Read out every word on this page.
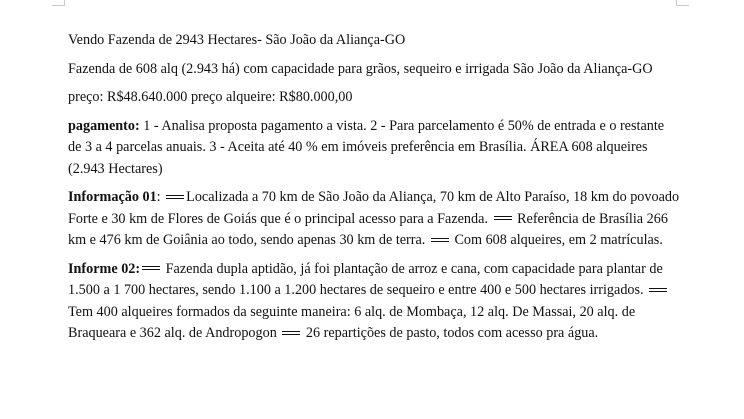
Vendo Fazenda de 2943 Hectares- São João da Aliança-GO

Fazenda de 608 alq (2.943 há) com capacidade para grãos, sequeiro e irrigada São João da Aliança-GO

preço: R$48.640.000 preço alqueire: R$80.000,00

pagamento: 1 - Analisa proposta pagamento a vista. 2 - Para parcelamento é 50% de entrada e o restante de 3 a 4 parcelas anuais. 3 - Aceita até 40 % em imóveis preferência em Brasília. ÁREA 608 alqueires (2.943 Hectares)

Informação 01: Localizada a 70 km de São João da Aliança, 70 km de Alto Paraíso, 18 km do povoado Forte e 30 km de Flores de Goiás que é o principal acesso para a Fazenda.  Referência de Brasília 266 km e 476 km de Goiânia ao todo, sendo apenas 30 km de terra.  Com 608 alqueires, em 2 matrículas.

Informe 02: Fazenda dupla aptidão, já foi plantação de arroz e cana, com capacidade para plantar de 1.500 a 1 700 hectares, sendo 1.100 a 1.200 hectares de sequeiro e entre 400 e 500 hectares irrigados.  Tem 400 alqueires formados da seguinte maneira: 6 alq. de Mombaça, 12 alq. De Massai, 20 alq. de Braqueara e 362 alq. de Andropogon  26 repartições de pasto, todos com acesso pra água.
